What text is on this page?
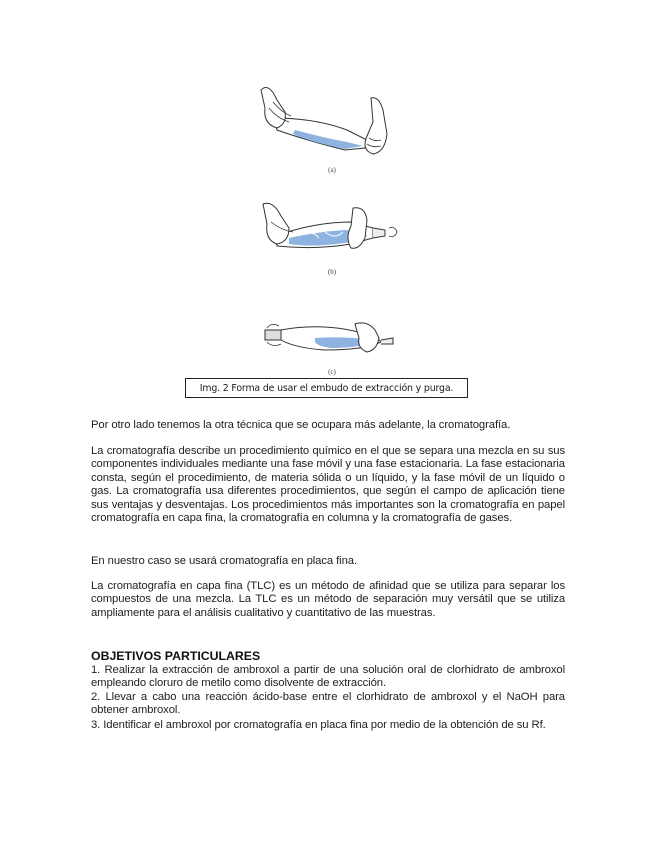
(a)
(b)
(c)
Img. 2 Forma de usar el embudo de extracción y purga.

Por otro lado tenemos la otra técnica que se ocupara más adelante, la cromatografía.

La cromatografía describe un procedimiento químico en el que se separa una mezcla en su sus componentes individuales mediante una fase móvil y una fase estacionaria. La fase estacionaria consta, según el procedimiento, de materia sólida o un líquido, y la fase móvil de un líquido o gas. La cromatografía usa diferentes procedimientos, que según el campo de aplicación tiene sus ventajas y desventajas. Los procedimientos más importantes son la cromatografía en papel cromatografía en capa fina, la cromatografía en columna y la cromatografía de gases.

En nuestro caso se usará cromatografía en placa fina.

La cromatografía en capa fina (TLC) es un método de afinidad que se utiliza para separar los compuestos de una mezcla. La TLC es un método de separación muy versátil que se utiliza ampliamente para el análisis cualitativo y cuantitativo de las muestras.

OBJETIVOS PARTICULARES

1. Realizar la extracción de ambroxol a partir de una solución oral de clorhidrato de ambroxol empleando cloruro de metilo como disolvente de extracción.

2. Llevar a cabo una reacción ácido-base entre el clorhidrato de ambroxol y el NaOH para obtener ambroxol.

3. Identificar el ambroxol por cromatografía en placa fina por medio de la obtención de su Rf.
